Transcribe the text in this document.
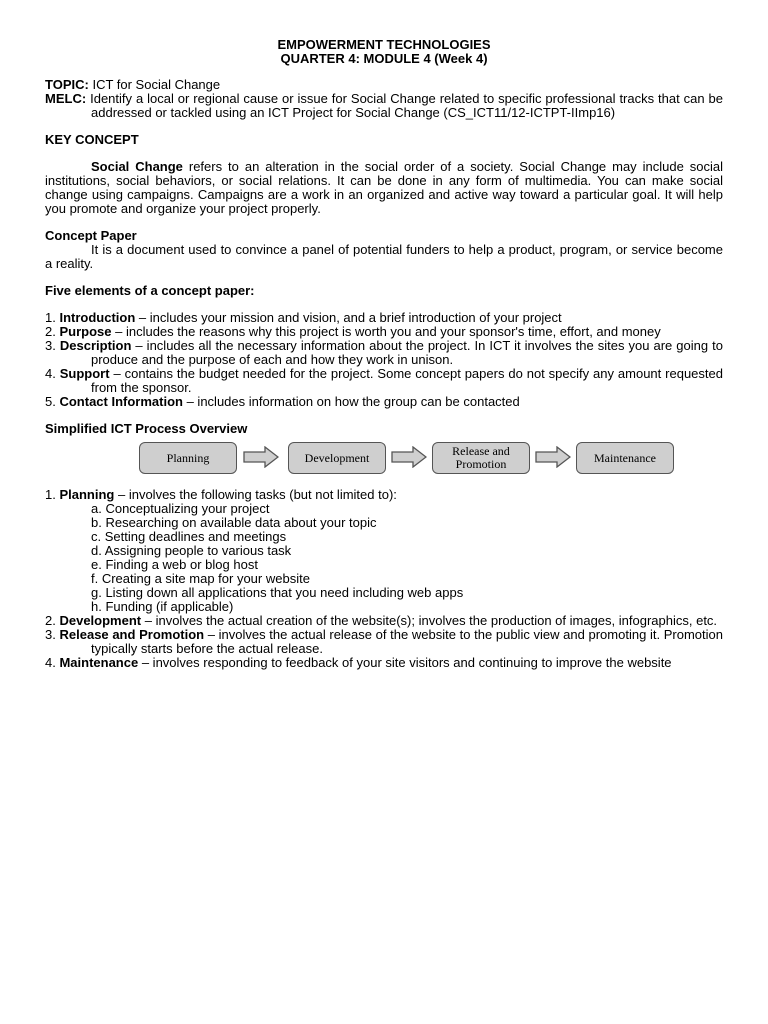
EMPOWERMENT TECHNOLOGIES
QUARTER 4: MODULE 4 (Week 4)
TOPIC: ICT for Social Change
MELC: Identify a local or regional cause or issue for Social Change related to specific professional tracks that can be addressed or tackled using an ICT Project for Social Change (CS_ICT11/12-ICTPT-IImp16)
KEY CONCEPT
Social Change refers to an alteration in the social order of a society. Social Change may include social institutions, social behaviors, or social relations. It can be done in any form of multimedia. You can make social change using campaigns. Campaigns are a work in an organized and active way toward a particular goal. It will help you promote and organize your project properly.
Concept Paper
It is a document used to convince a panel of potential funders to help a product, program, or service become a reality.
Five elements of a concept paper:
1. Introduction – includes your mission and vision, and a brief introduction of your project
2. Purpose – includes the reasons why this project is worth you and your sponsor's time, effort, and money
3. Description – includes all the necessary information about the project. In ICT it involves the sites you are going to produce and the purpose of each and how they work in unison.
4. Support – contains the budget needed for the project. Some concept papers do not specify any amount requested from the sponsor.
5. Contact Information – includes information on how the group can be contacted
Simplified ICT Process Overview
Planning	Development	Release and
Promotion	Maintenance
1. Planning – involves the following tasks (but not limited to):
a. Conceptualizing your project
b. Researching on available data about your topic
c. Setting deadlines and meetings
d. Assigning people to various task
e. Finding a web or blog host
f. Creating a site map for your website
g. Listing down all applications that you need including web apps
h. Funding (if applicable)
2. Development – involves the actual creation of the website(s); involves the production of images, infographics, etc.
3. Release and Promotion – involves the actual release of the website to the public view and promoting it. Promotion typically starts before the actual release.
4. Maintenance – involves responding to feedback of your site visitors and continuing to improve the website
